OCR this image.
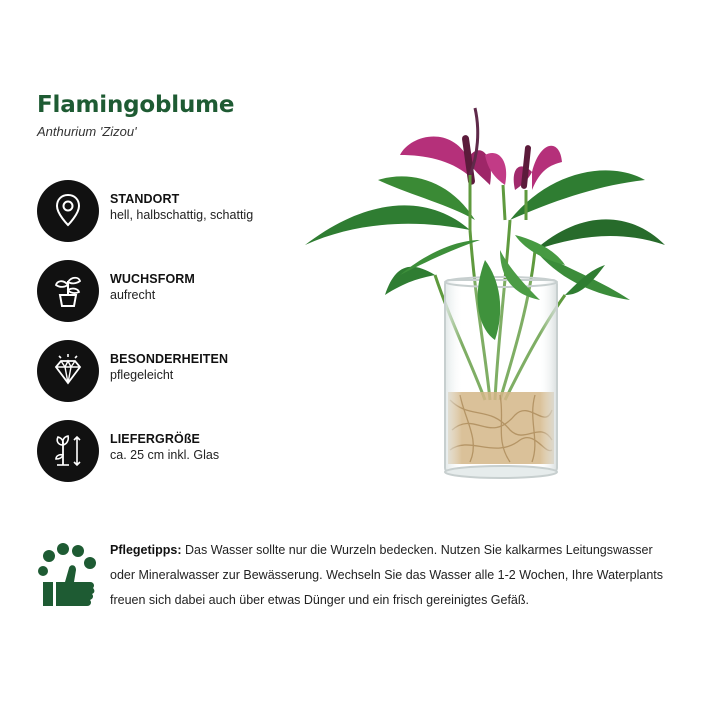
Flamingoblume

Anthurium 'Zizou'

STANDORT
hell, halbschattig, schattig
WUCHSFORM
aufrecht
BESONDERHEITEN
pflegeleicht
LIEFERGRÖßE
ca. 25 cm inkl. Glas

Pflegetipps: Das Wasser sollte nur die Wurzeln bedecken. Nutzen Sie kalkarmes Leitungswasser oder Mineralwasser zur Bewässerung. Wechseln Sie das Wasser alle 1-2 Wochen, Ihre Waterplants freuen sich dabei auch über etwas Dünger und ein frisch gereinigtes Gefäß.
